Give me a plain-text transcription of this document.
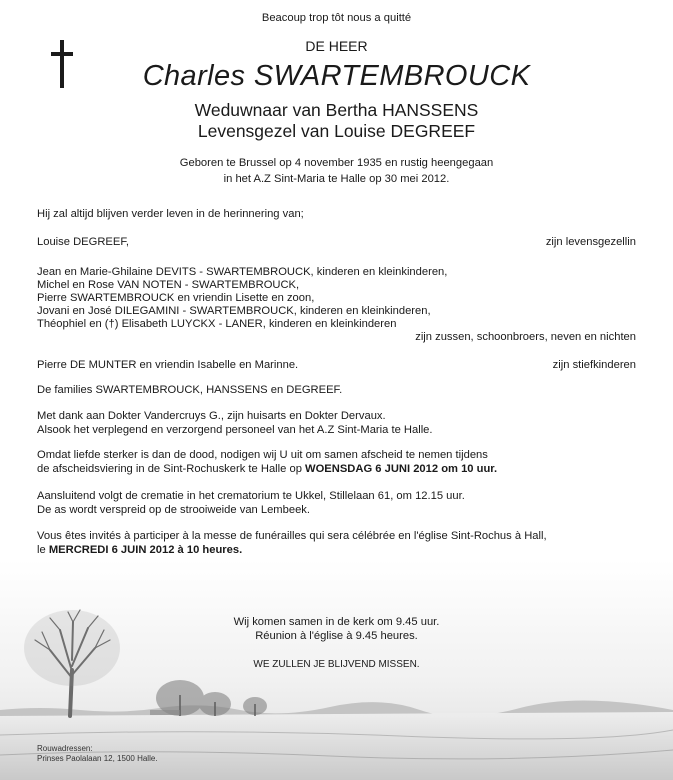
Beacoup trop tôt nous a quitté
DE HEER
Charles SWARTEMBROUCK
Weduwnaar van Bertha HANSSENS
Levensgezel van Louise DEGREEF
Geboren te Brussel op 4 november 1935 en rustig heengegaan
in het A.Z Sint-Maria te Halle op 30 mei 2012.
Hij zal altijd blijven verder leven in de herinnering van;
Louise DEGREEF,	zijn levensgezellin
Jean en Marie-Ghilaine DEVITS - SWARTEMBROUCK, kinderen en kleinkinderen,
Michel en Rose VAN NOTEN - SWARTEMBROUCK,
Pierre SWARTEMBROUCK en vriendin Lisette en zoon,
Jovani en José DILEGAMINI - SWARTEMBROUCK, kinderen en kleinkinderen,
Théophiel en (†) Elisabeth LUYCKX - LANER, kinderen en kleinkinderen
zijn zussen, schoonbroers, neven en nichten
Pierre DE MUNTER en vriendin Isabelle en Marinne.	zijn stiefkinderen
De families SWARTEMBROUCK, HANSSENS en DEGREEF.
Met dank aan Dokter Vandercruys G., zijn huisarts en Dokter Dervaux.
Alsook het verplegend en verzorgend personeel van het A.Z Sint-Maria te Halle.
Omdat liefde sterker is dan de dood, nodigen wij U uit om samen afscheid te nemen tijdens
de afscheidsviering in de Sint-Rochuskerk te Halle op WOENSDAG 6 JUNI 2012 om 10 uur.
Aansluitend volgt de crematie in het crematorium te Ukkel, Stillelaan 61, om 12.15 uur.
De as wordt verspreid op de strooiweide van Lembeek.
Vous êtes invités à participer à la messe de funérailles qui sera célébrée en l'église Sint-Rochus à Hall,
le MERCREDI 6 JUIN 2012 à 10 heures.
Wij komen samen in de kerk om 9.45 uur.
Réunion à l'église à 9.45 heures.
WE ZULLEN JE BLIJVEND MISSEN.
Rouwadressen:
Prinses Paolalaan 12, 1500 Halle.
